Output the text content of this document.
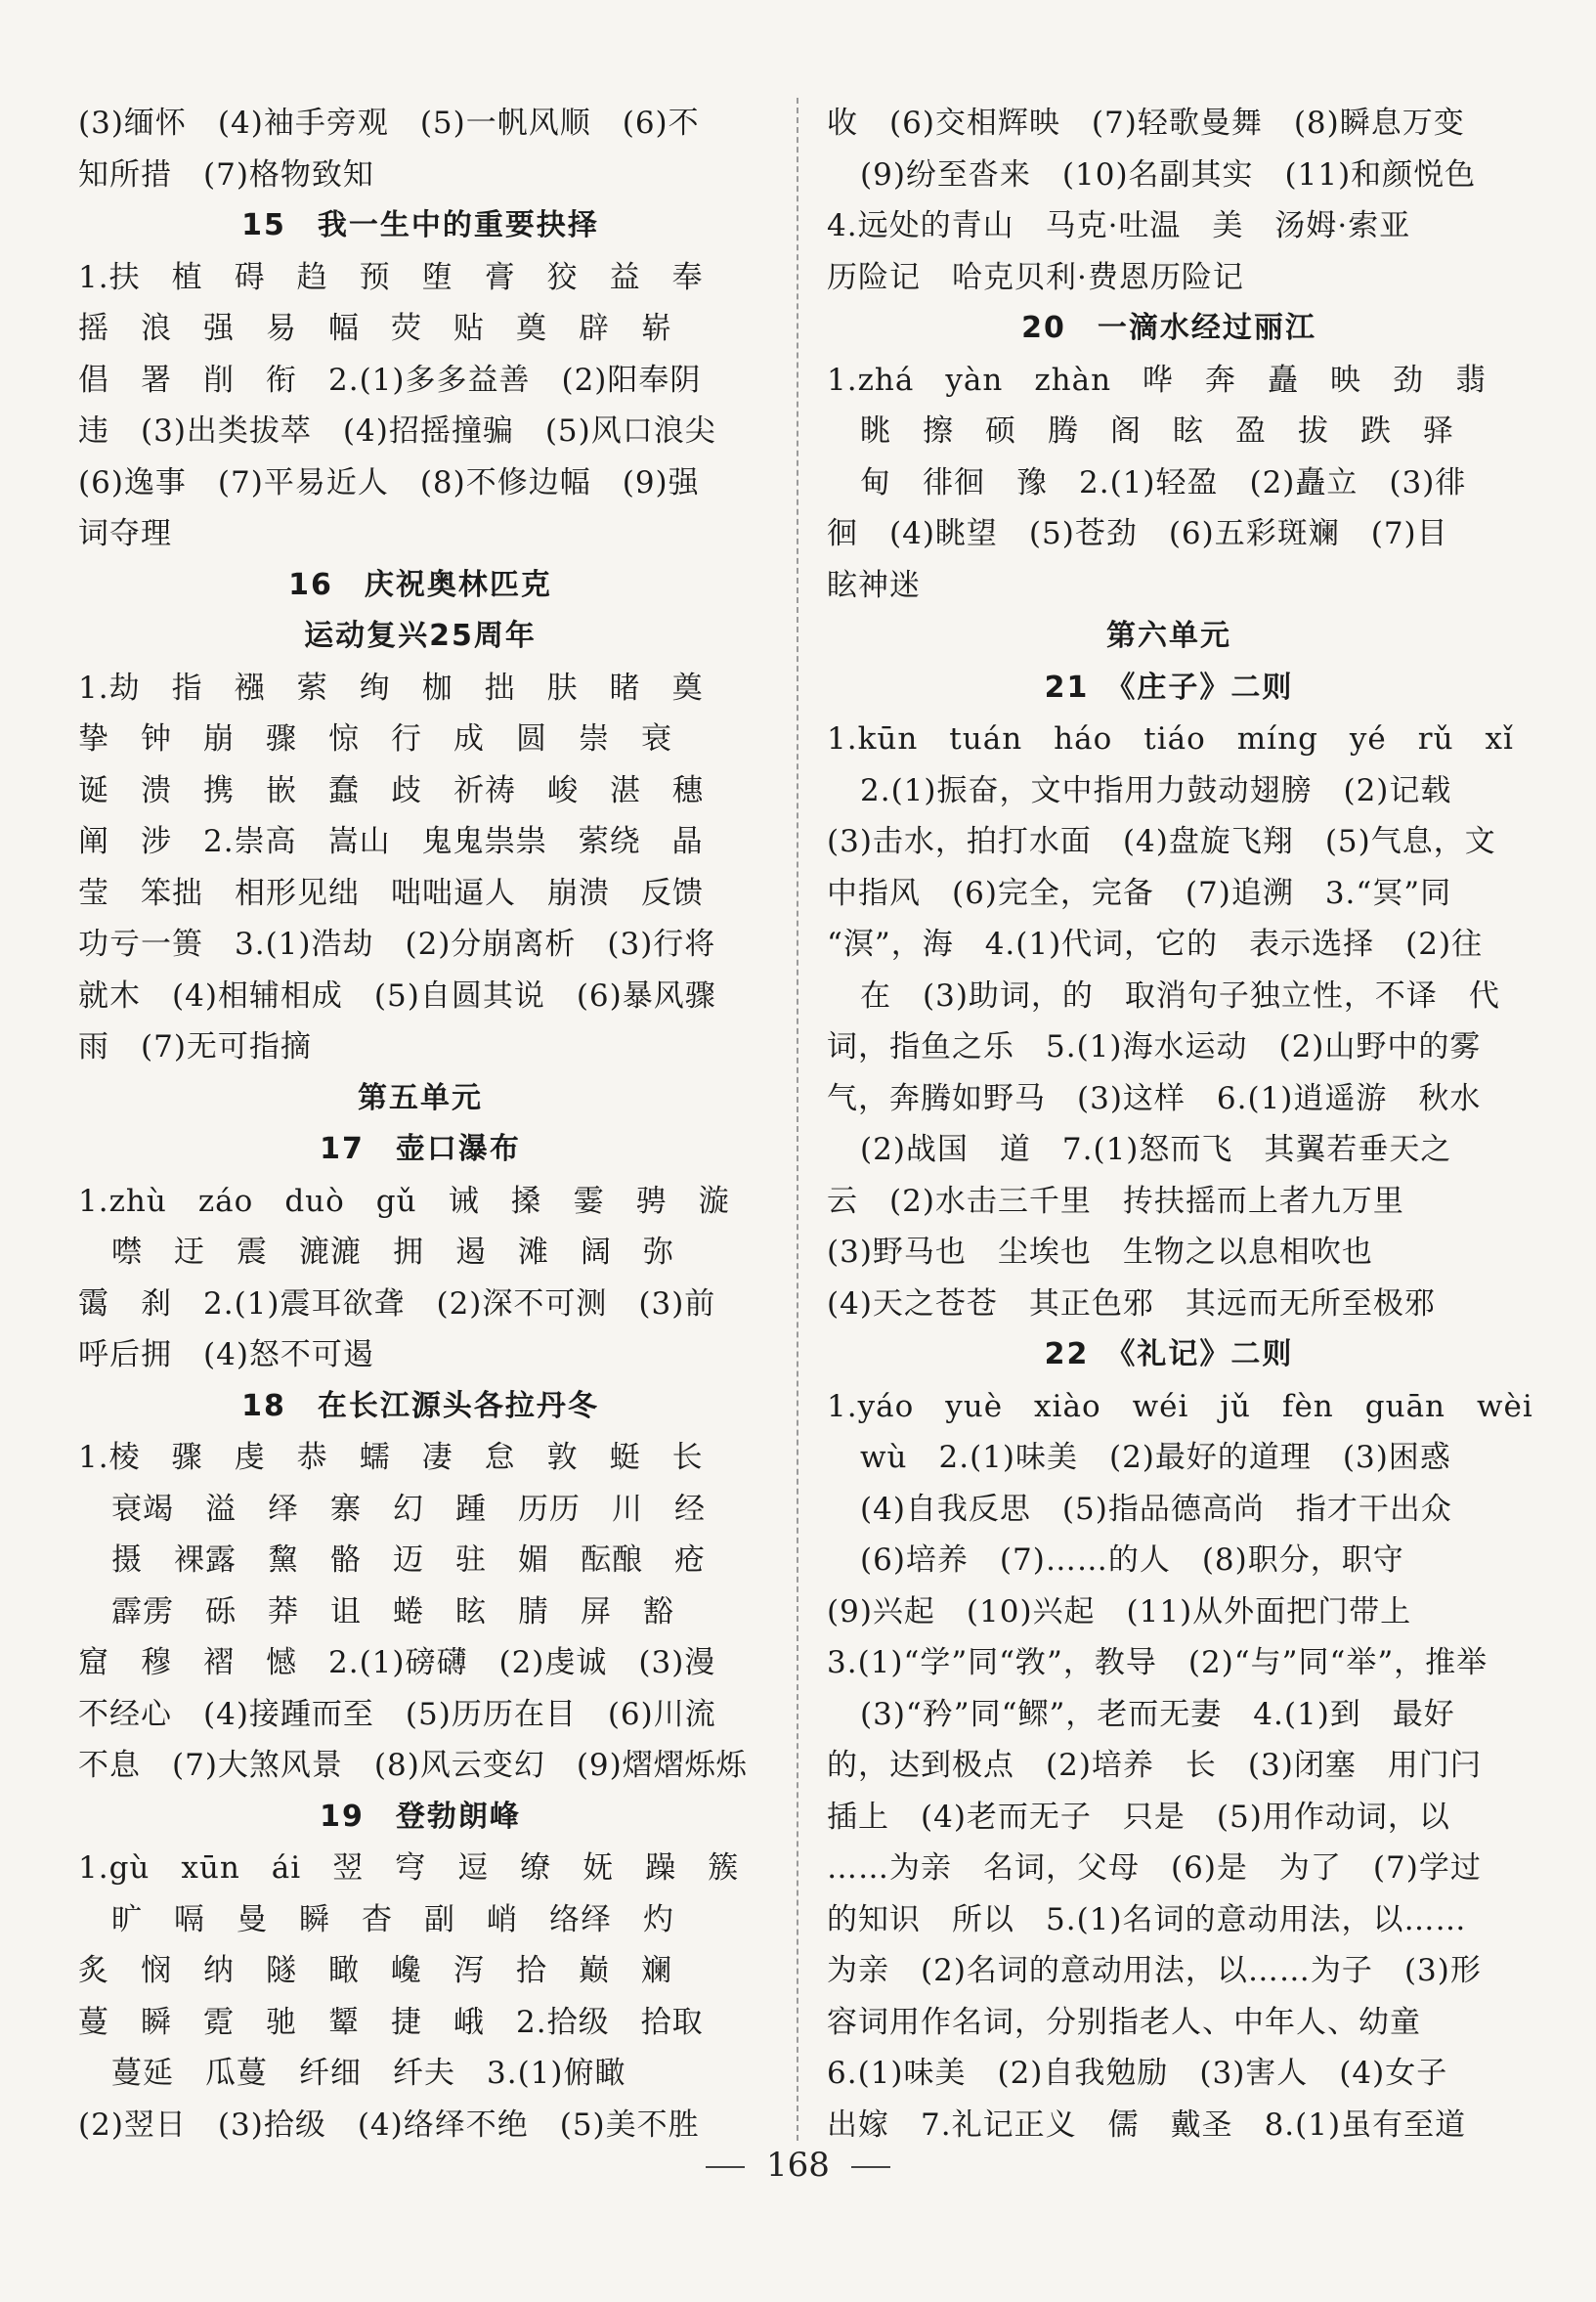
(3)缅怀　(4)袖手旁观　(5)一帆风顺　(6)不
知所措　(7)格物致知
15　我一生中的重要抉择
1.扶　植　碍　趋　预　堕　膏　狡　益　奉
摇　浪　强　易　幅　荧　贴　奠　辟　崭
倡　署　削　衔　2.(1)多多益善　(2)阳奉阴
违　(3)出类拔萃　(4)招摇撞骗　(5)风口浪尖
(6)逸事　(7)平易近人　(8)不修边幅　(9)强
词夺理
16　庆祝奥林匹克
运动复兴25周年
1.劫　指　襁　萦　绚　枷　拙　肤　睹　奠
挚　钟　崩　骤　惊　行　成　圆　崇　衰
诞　溃　携　嵌　蠢　歧　祈祷　峻　湛　穗
阐　涉　2.崇高　嵩山　鬼鬼祟祟　萦绕　晶
莹　笨拙　相形见绌　咄咄逼人　崩溃　反馈
功亏一篑　3.(1)浩劫　(2)分崩离析　(3)行将
就木　(4)相辅相成　(5)自圆其说　(6)暴风骤
雨　(7)无可指摘
第五单元
17　壶口瀑布
1.zhù　záo　duò　gǔ　诫　搡　霎　骋　漩
噤　迂　震　漉漉　拥　遏　滩　阔　弥
霭　刹　2.(1)震耳欲聋　(2)深不可测　(3)前
呼后拥　(4)怒不可遏
18　在长江源头各拉丹冬
1.棱　骤　虔　恭　蠕　凄　怠　敦　蜓　长
衰竭　溢　绎　寨　幻　踵　历历　川　经
摄　裸露　黧　骼　迈　驻　媚　酝酿　疮
霹雳　砾　莽　诅　蜷　眩　腈　屏　豁
窟　穆　褶　憾　2.(1)磅礴　(2)虔诚　(3)漫
不经心　(4)接踵而至　(5)历历在目　(6)川流
不息　(7)大煞风景　(8)风云变幻　(9)熠熠烁烁
19　登勃朗峰
1.gù　xūn　ái　翌　穹　逗　缭　妩　躁　簇
旷　嗝　曼　瞬　杳　副　峭　络绎　灼
炙　悯　纳　隧　瞰　巉　泻　拾　巅　斓
蔓　瞬　霓　驰　颦　捷　峨　2.拾级　拾取
蔓延　瓜蔓　纤细　纤夫　3.(1)俯瞰
(2)翌日　(3)拾级　(4)络绎不绝　(5)美不胜
收　(6)交相辉映　(7)轻歌曼舞　(8)瞬息万变
(9)纷至沓来　(10)名副其实　(11)和颜悦色
4.远处的青山　马克·吐温　美　汤姆·索亚
历险记　哈克贝利·费恩历险记
20　一滴水经过丽江
1.zhá　yàn　zhàn　哗　奔　矗　映　劲　翡
眺　擦　硕　腾　阁　眩　盈　拔　跌　驿
甸　徘徊　豫　2.(1)轻盈　(2)矗立　(3)徘
徊　(4)眺望　(5)苍劲　(6)五彩斑斓　(7)目
眩神迷
第六单元
21　《庄子》二则
1.kūn　tuán　háo　tiáo　míng　yé　rǔ　xǐ
2.(1)振奋，文中指用力鼓动翅膀　(2)记载
(3)击水，拍打水面　(4)盘旋飞翔　(5)气息，文
中指风　(6)完全，完备　(7)追溯　3.“冥”同
“溟”，海　4.(1)代词，它的　表示选择　(2)往
在　(3)助词，的　取消句子独立性，不译　代
词，指鱼之乐　5.(1)海水运动　(2)山野中的雾
气，奔腾如野马　(3)这样　6.(1)逍遥游　秋水
(2)战国　道　7.(1)怒而飞　其翼若垂天之
云　(2)水击三千里　抟扶摇而上者九万里
(3)野马也　尘埃也　生物之以息相吹也
(4)天之苍苍　其正色邪　其远而无所至极邪
22　《礼记》二则
1.yáo　yuè　xiào　wéi　jǔ　fèn　guān　wèi
wù　2.(1)味美　(2)最好的道理　(3)困惑
(4)自我反思　(5)指品德高尚　指才干出众
(6)培养　(7)……的人　(8)职分，职守
(9)兴起　(10)兴起　(11)从外面把门带上
3.(1)“学”同“敩”，教导　(2)“与”同“举”，推举
(3)“矜”同“鳏”，老而无妻　4.(1)到　最好
的，达到极点　(2)培养　长　(3)闭塞　用门闩
插上　(4)老而无子　只是　(5)用作动词，以
……为亲　名词，父母　(6)是　为了　(7)学过
的知识　所以　5.(1)名词的意动用法，以……
为亲　(2)名词的意动用法，以……为子　(3)形
容词用作名词，分别指老人、中年人、幼童
6.(1)味美　(2)自我勉励　(3)害人　(4)女子
出嫁　7.礼记正义　儒　戴圣　8.(1)虽有至道
168
